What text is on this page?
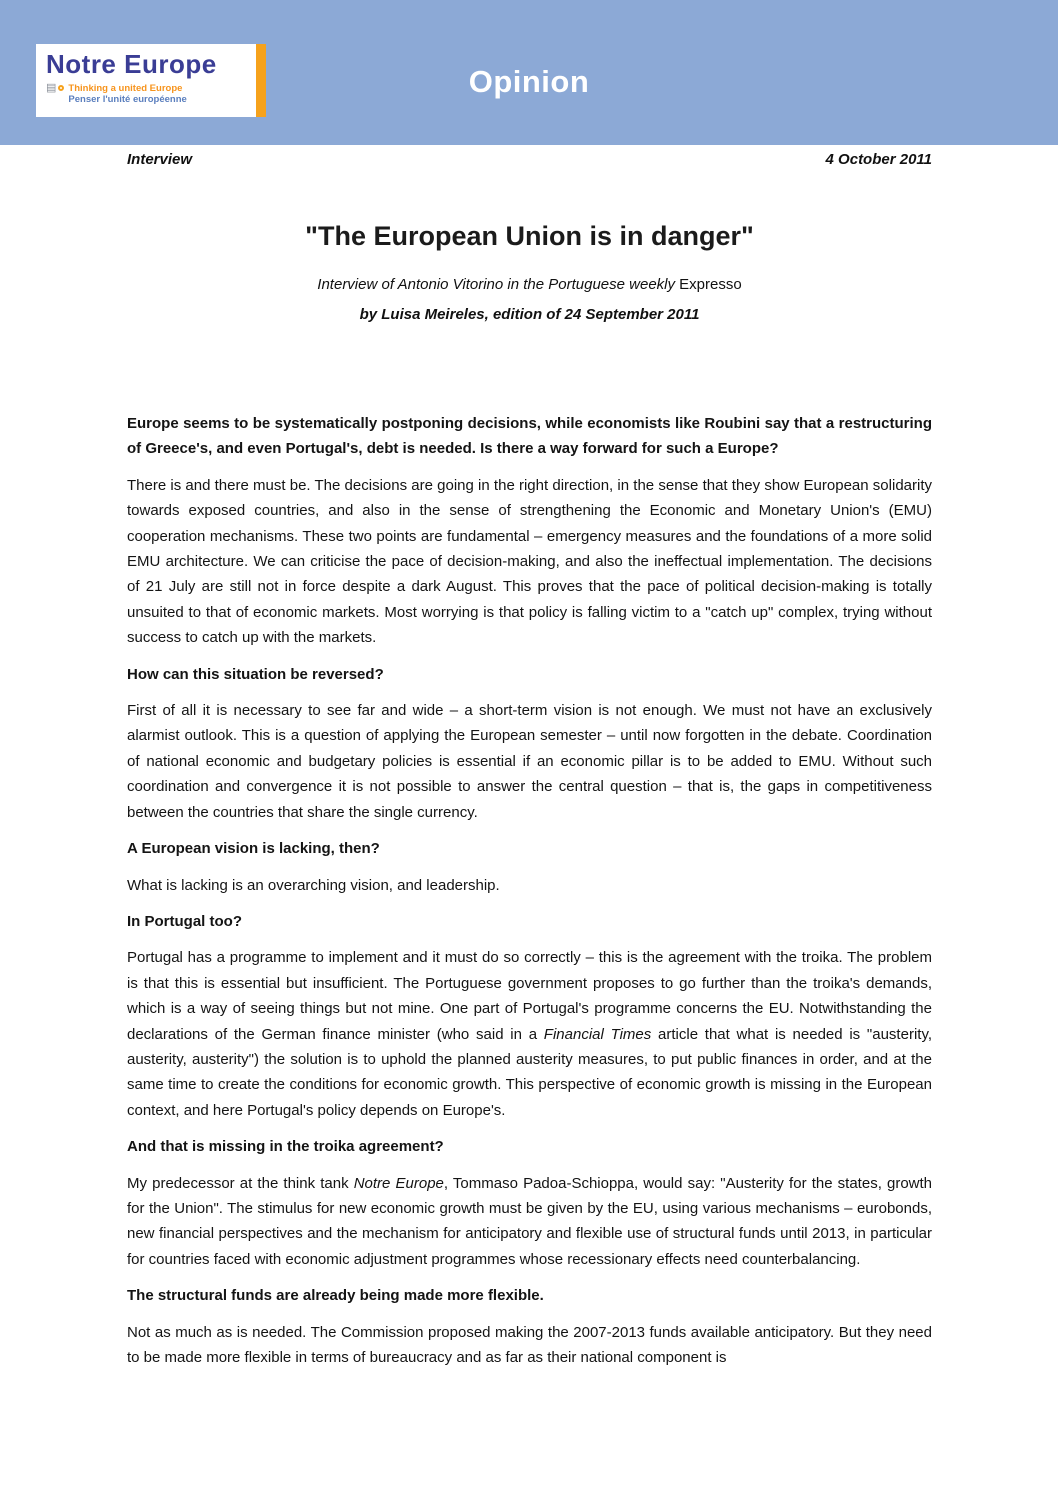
Notre Europe
▤ Thinking a united Europe
Penser l'unité européenne
Opinion
Interview	4 October 2011
"The European Union is in danger"

Interview of Antonio Vitorino in the Portuguese weekly Expresso

by Luisa Meireles, edition of 24 September 2011

Europe seems to be systematically postponing decisions, while economists like Roubini say that a restructuring of Greece's, and even Portugal's, debt is needed. Is there a way forward for such a Europe?

There is and there must be. The decisions are going in the right direction, in the sense that they show European solidarity towards exposed countries, and also in the sense of strengthening the Economic and Monetary Union's (EMU) cooperation mechanisms. These two points are fundamental – emergency measures and the foundations of a more solid EMU architecture. We can criticise the pace of decision-making, and also the ineffectual implementation. The decisions of 21 July are still not in force despite a dark August. This proves that the pace of political decision-making is totally unsuited to that of economic markets. Most worrying is that policy is falling victim to a "catch up" complex, trying without success to catch up with the markets.

How can this situation be reversed?

First of all it is necessary to see far and wide – a short-term vision is not enough. We must not have an exclusively alarmist outlook. This is a question of applying the European semester – until now forgotten in the debate. Coordination of national economic and budgetary policies is essential if an economic pillar is to be added to EMU. Without such coordination and convergence it is not possible to answer the central question – that is, the gaps in competitiveness between the countries that share the single currency.

A European vision is lacking, then?

What is lacking is an overarching vision, and leadership.

In Portugal too?

Portugal has a programme to implement and it must do so correctly – this is the agreement with the troika. The problem is that this is essential but insufficient. The Portuguese government proposes to go further than the troika's demands, which is a way of seeing things but not mine. One part of Portugal's programme concerns the EU. Notwithstanding the declarations of the German finance minister (who said in a Financial Times article that what is needed is "austerity, austerity, austerity") the solution is to uphold the planned austerity measures, to put public finances in order, and at the same time to create the conditions for economic growth. This perspective of economic growth is missing in the European context, and here Portugal's policy depends on Europe's.

And that is missing in the troika agreement?

My predecessor at the think tank Notre Europe, Tommaso Padoa-Schioppa, would say: "Austerity for the states, growth for the Union". The stimulus for new economic growth must be given by the EU, using various mechanisms – eurobonds, new financial perspectives and the mechanism for anticipatory and flexible use of structural funds until 2013, in particular for countries faced with economic adjustment programmes whose recessionary effects need counterbalancing.

The structural funds are already being made more flexible.

Not as much as is needed. The Commission proposed making the 2007-2013 funds available anticipatory. But they need to be made more flexible in terms of bureaucracy and as far as their national component is
